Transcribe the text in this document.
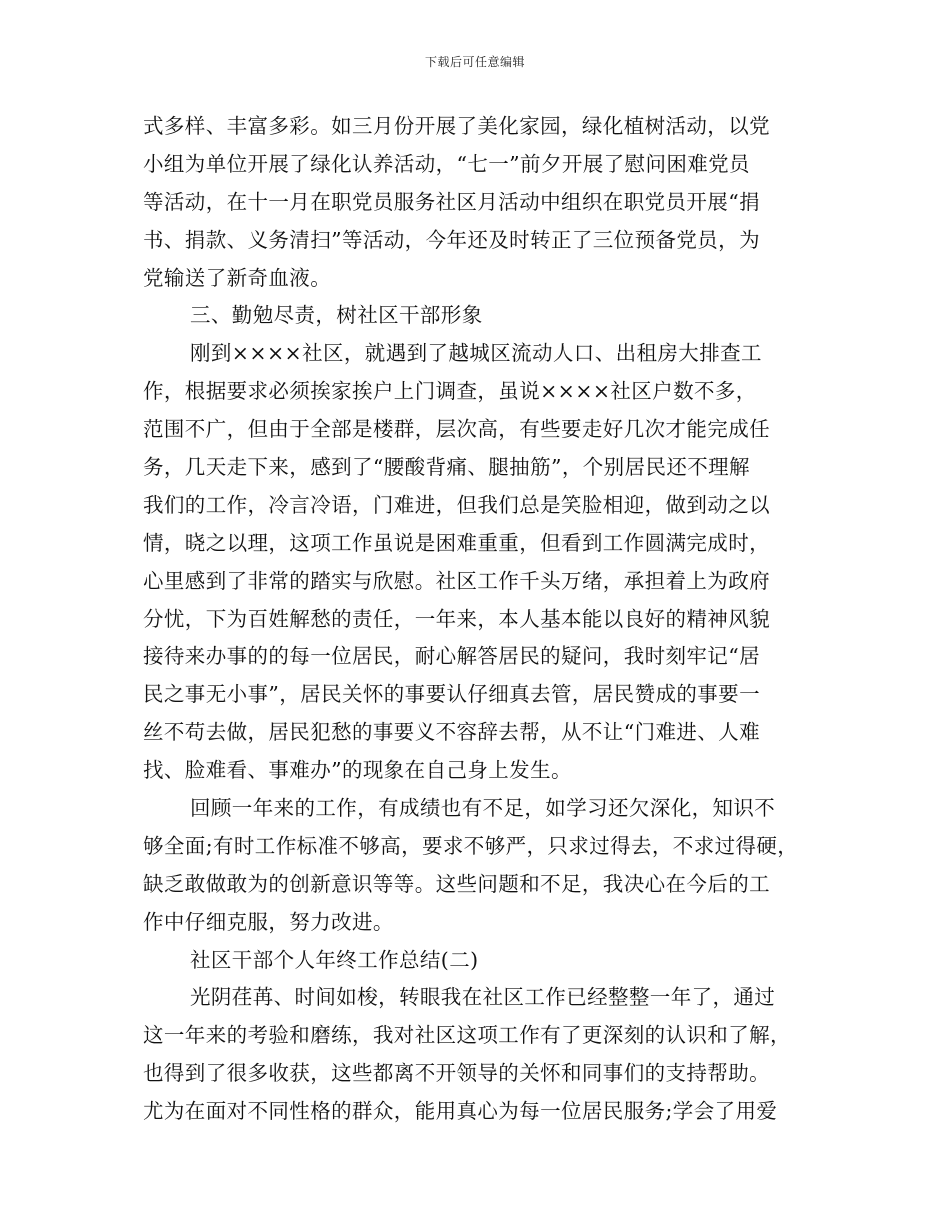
下载后可任意编辑
式多样、丰富多彩。如三月份开展了美化家园，绿化植树活动，以党
小组为单位开展了绿化认养活动，“七一”前夕开展了慰问困难党员
等活动，在十一月在职党员服务社区月活动中组织在职党员开展“捐
书、捐款、义务清扫”等活动，今年还及时转正了三位预备党员，为
党输送了新奇血液。
三、勤勉尽责，树社区干部形象
刚到××××社区，就遇到了越城区流动人口、出租房大排查工
作，根据要求必须挨家挨户上门调查，虽说××××社区户数不多，
范围不广，但由于全部是楼群，层次高，有些要走好几次才能完成任
务，几天走下来，感到了“腰酸背痛、腿抽筋”，个别居民还不理解
我们的工作，冷言冷语，门难进，但我们总是笑脸相迎，做到动之以
情，晓之以理，这项工作虽说是困难重重，但看到工作圆满完成时，
心里感到了非常的踏实与欣慰。社区工作千头万绪，承担着上为政府
分忧，下为百姓解愁的责任，一年来，本人基本能以良好的精神风貌
接待来办事的的每一位居民，耐心解答居民的疑问，我时刻牢记“居
民之事无小事”，居民关怀的事要认仔细真去管，居民赞成的事要一
丝不苟去做，居民犯愁的事要义不容辞去帮，从不让“门难进、人难
找、脸难看、事难办”的现象在自己身上发生。
回顾一年来的工作，有成绩也有不足，如学习还欠深化，知识不
够全面;有时工作标准不够高，要求不够严，只求过得去，不求过得硬，
缺乏敢做敢为的创新意识等等。这些问题和不足，我决心在今后的工
作中仔细克服，努力改进。
社区干部个人年终工作总结(二)
光阴荏苒、时间如梭，转眼我在社区工作已经整整一年了，通过
这一年来的考验和磨练，我对社区这项工作有了更深刻的认识和了解，
也得到了很多收获，这些都离不开领导的关怀和同事们的支持帮助。
尤为在面对不同性格的群众，能用真心为每一位居民服务;学会了用爱
